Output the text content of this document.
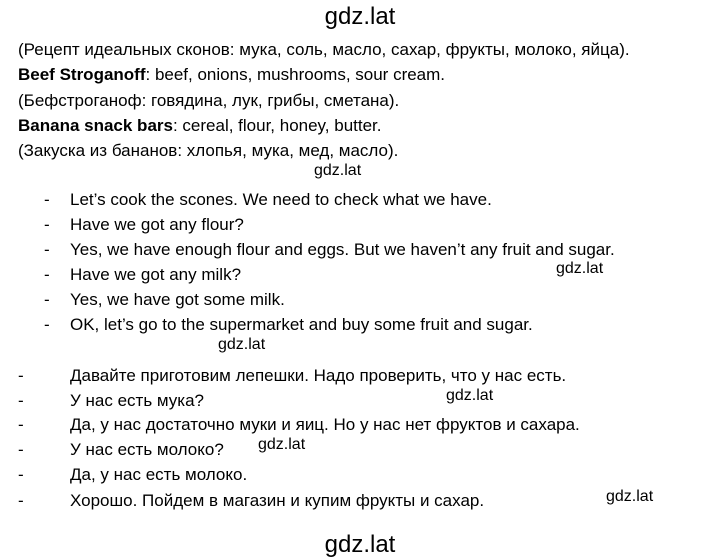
gdz.lat
gdz.lat
gdz.lat
gdz.lat
gdz.lat
gdz.lat
gdz.lat
gdz.lat
(Рецепт идеальных сконов: мука, соль, масло, сахар, фрукты, молоко, яйца).
Beef Stroganoff: beef, onions, mushrooms, sour cream.
(Бефстроганоф: говядина, лук, грибы, сметана).
Banana snack bars: cereal, flour, honey, butter.
(Закуска из бананов: хлопья, мука, мед, масло).
- Let’s cook the scones. We need to check what we have.
- Have we got any flour?
- Yes, we have enough flour and eggs. But we haven’t any fruit and sugar.
- Have we got any milk?
- Yes, we have got some milk.
- OK, let’s go to the supermarket and buy some fruit and sugar.
-	Давайте приготовим лепешки. Надо проверить, что у нас есть.
-	У нас есть мука?
-	Да, у нас достаточно муки и яиц. Но у нас нет фруктов и сахара.
-	У нас есть молоко?
-	Да, у нас есть молоко.
-	Хорошо. Пойдем в магазин и купим фрукты и сахар.
